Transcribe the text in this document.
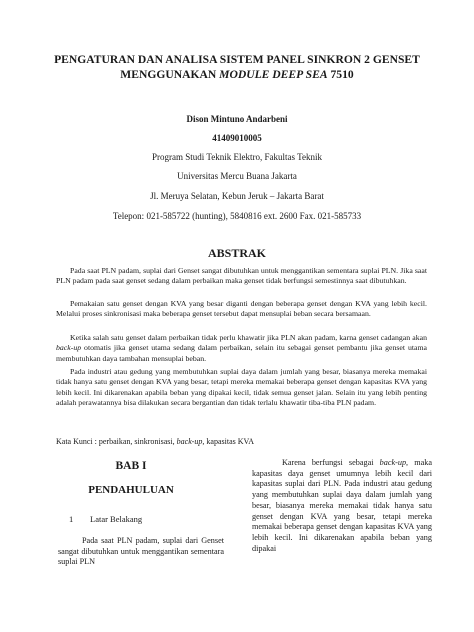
PENGATURAN DAN ANALISA SISTEM PANEL SINKRON 2 GENSET
MENGGUNAKAN MODULE DEEP SEA 7510
Dison Mintuno Andarbeni
41409010005
Program Studi Teknik Elektro, Fakultas Teknik
Universitas Mercu Buana Jakarta
Jl. Meruya Selatan, Kebun Jeruk – Jakarta Barat
Telepon: 021-585722 (hunting), 5840816 ext. 2600 Fax. 021-585733
ABSTRAK
Pada saat PLN padam, suplai dari Genset sangat dibutuhkan untuk menggantikan sementara suplai PLN. Jika saat PLN padam pada saat genset sedang dalam perbaikan maka genset tidak berfungsi semestinnya saat dibutuhkan.
Pemakaian satu genset dengan KVA yang besar diganti dengan beberapa genset dengan KVA yang lebih kecil. Melalui proses sinkronisasi maka beberapa genset tersebut dapat mensuplai beban secara bersamaan.
Ketika salah satu genset dalam perbaikan tidak perlu khawatir jika PLN akan padam, karna genset cadangan akan back-up otomatis jika genset utama sedang dalam perbaikan, selain itu sebagai genset pembantu jika genset utama membutuhkan daya tambahan mensuplai beban.
Pada industri atau gedung yang membutuhkan suplai daya dalam jumlah yang besar, biasanya mereka memakai tidak hanya satu genset dengan KVA yang besar, tetapi mereka memakai beberapa genset dengan kapasitas KVA yang lebih kecil. Ini dikarenakan apabila beban yang dipakai kecil, tidak semua genset jalan. Selain itu yang lebih penting adalah perawatannya bisa dilakukan secara bergantian dan tidak terlalu khawatir tiba-tiba PLN padam.
Kata Kunci : perbaikan, sinkronisasi, back-up, kapasitas KVA
BAB I
PENDAHULUAN
1 Latar Belakang
Pada saat PLN padam, suplai dari Genset sangat dibutuhkan untuk menggantikan sementara suplai PLN
Karena berfungsi sebagai back-up, maka kapasitas daya genset umumnya lebih kecil dari kapasitas suplai dari PLN. Pada industri atau gedung yang membutuhkan suplai daya dalam jumlah yang besar, biasanya mereka memakai tidak hanya satu genset dengan KVA yang besar, tetapi mereka memakai beberapa genset dengan kapasitas KVA yang lebih kecil. Ini dikarenakan apabila beban yang dipakai
